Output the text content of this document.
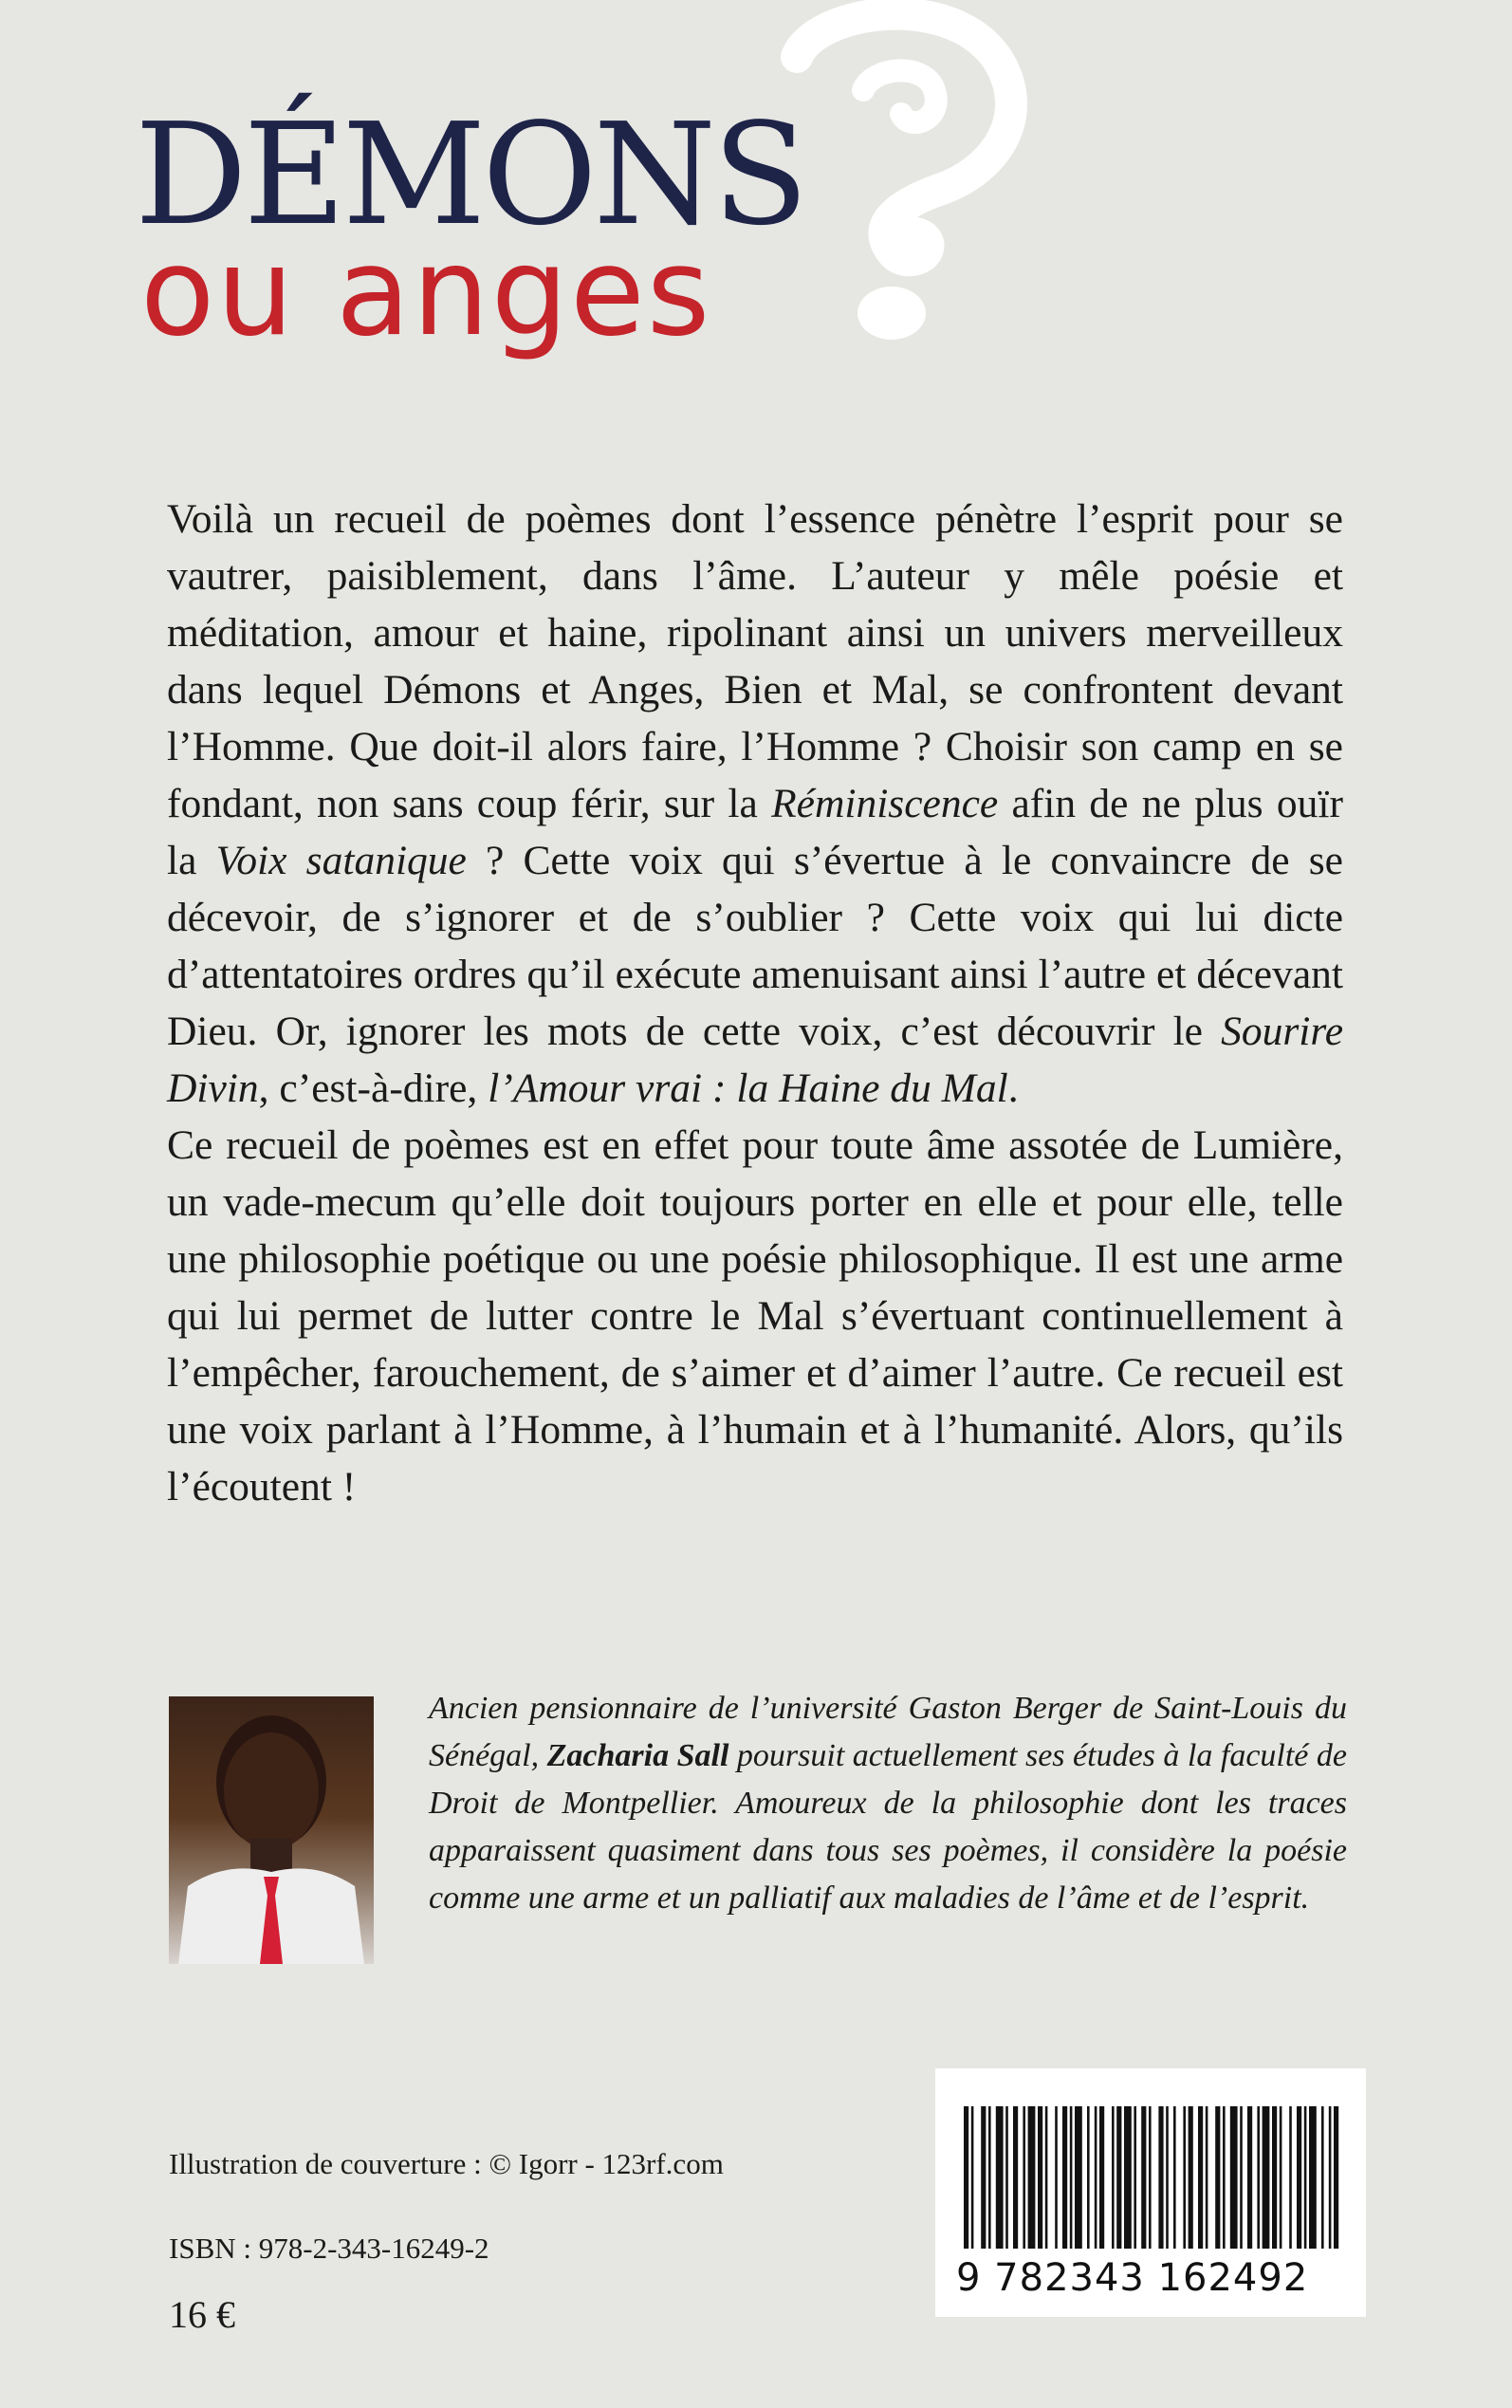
DÉMONS
ou anges

Voilà un recueil de poèmes dont l’essence pénètre l’esprit pour se vautrer, paisiblement, dans l’âme. L’auteur y mêle poésie et méditation, amour et haine, ripolinant ainsi un univers merveilleux dans lequel Démons et Anges, Bien et Mal, se confrontent devant l’Homme. Que doit-il alors faire, l’Homme ? Choisir son camp en se fondant, non sans coup férir, sur la Réminiscence afin de ne plus ouïr la Voix satanique ? Cette voix qui s’évertue à le convaincre de se décevoir, de s’ignorer et de s’oublier ? Cette voix qui lui dicte d’attentatoires ordres qu’il exécute amenuisant ainsi l’autre et décevant Dieu. Or, ignorer les mots de cette voix, c’est découvrir le Sourire Divin, c’est-à-dire, l’Amour vrai : la Haine du Mal.

Ce recueil de poèmes est en effet pour toute âme assotée de Lumière, un vade-mecum qu’elle doit toujours porter en elle et pour elle, telle une philosophie poétique ou une poésie philosophique. Il est une arme qui lui permet de lutter contre le Mal s’évertuant continuellement à l’empêcher, farouchement, de s’aimer et d’aimer l’autre. Ce recueil est une voix parlant à l’Homme, à l’humain et à l’humanité. Alors, qu’ils l’écoutent !

Ancien pensionnaire de l’université Gaston Berger de Saint-Louis du Sénégal, Zacharia Sall poursuit actuellement ses études à la faculté de Droit de Montpellier. Amoureux de la philosophie dont les traces apparaissent quasiment dans tous ses poèmes, il considère la poésie comme une arme et un palliatif aux maladies de l’âme et de l’esprit.

Illustration de couverture : © Igorr - 123rf.com
ISBN : 978-2-343-16249-2
16 €
9 782343 162492
